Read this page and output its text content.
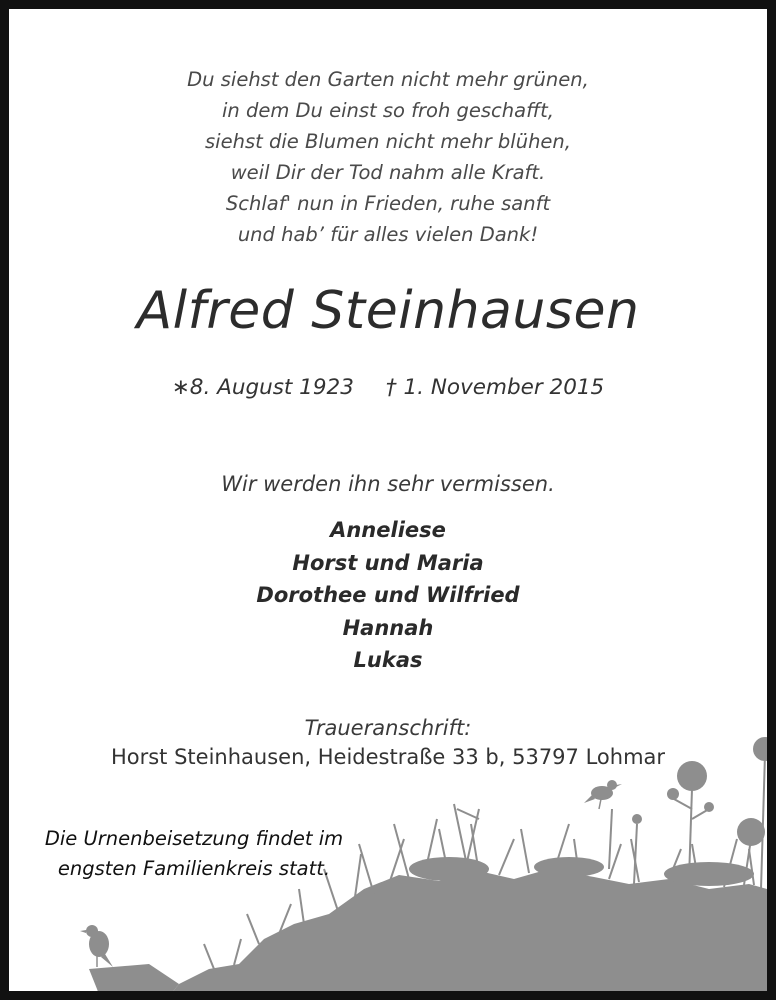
Du siehst den Garten nicht mehr grünen,
in dem Du einst so froh geschafft,
siehst die Blumen nicht mehr blühen,
weil Dir der Tod nahm alle Kraft.
Schlaf' nun in Frieden, ruhe sanft
und hab’ für alles vielen Dank!
Alfred Steinhausen
∗8. August 1923 † 1. November 2015
Wir werden ihn sehr vermissen.
Anneliese
Horst und Maria
Dorothee und Wilfried
Hannah
Lukas
Traueranschrift:
Horst Steinhausen, Heidestraße 33 b, 53797 Lohmar
Die Urnenbeisetzung findet im
engsten Familienkreis statt.
